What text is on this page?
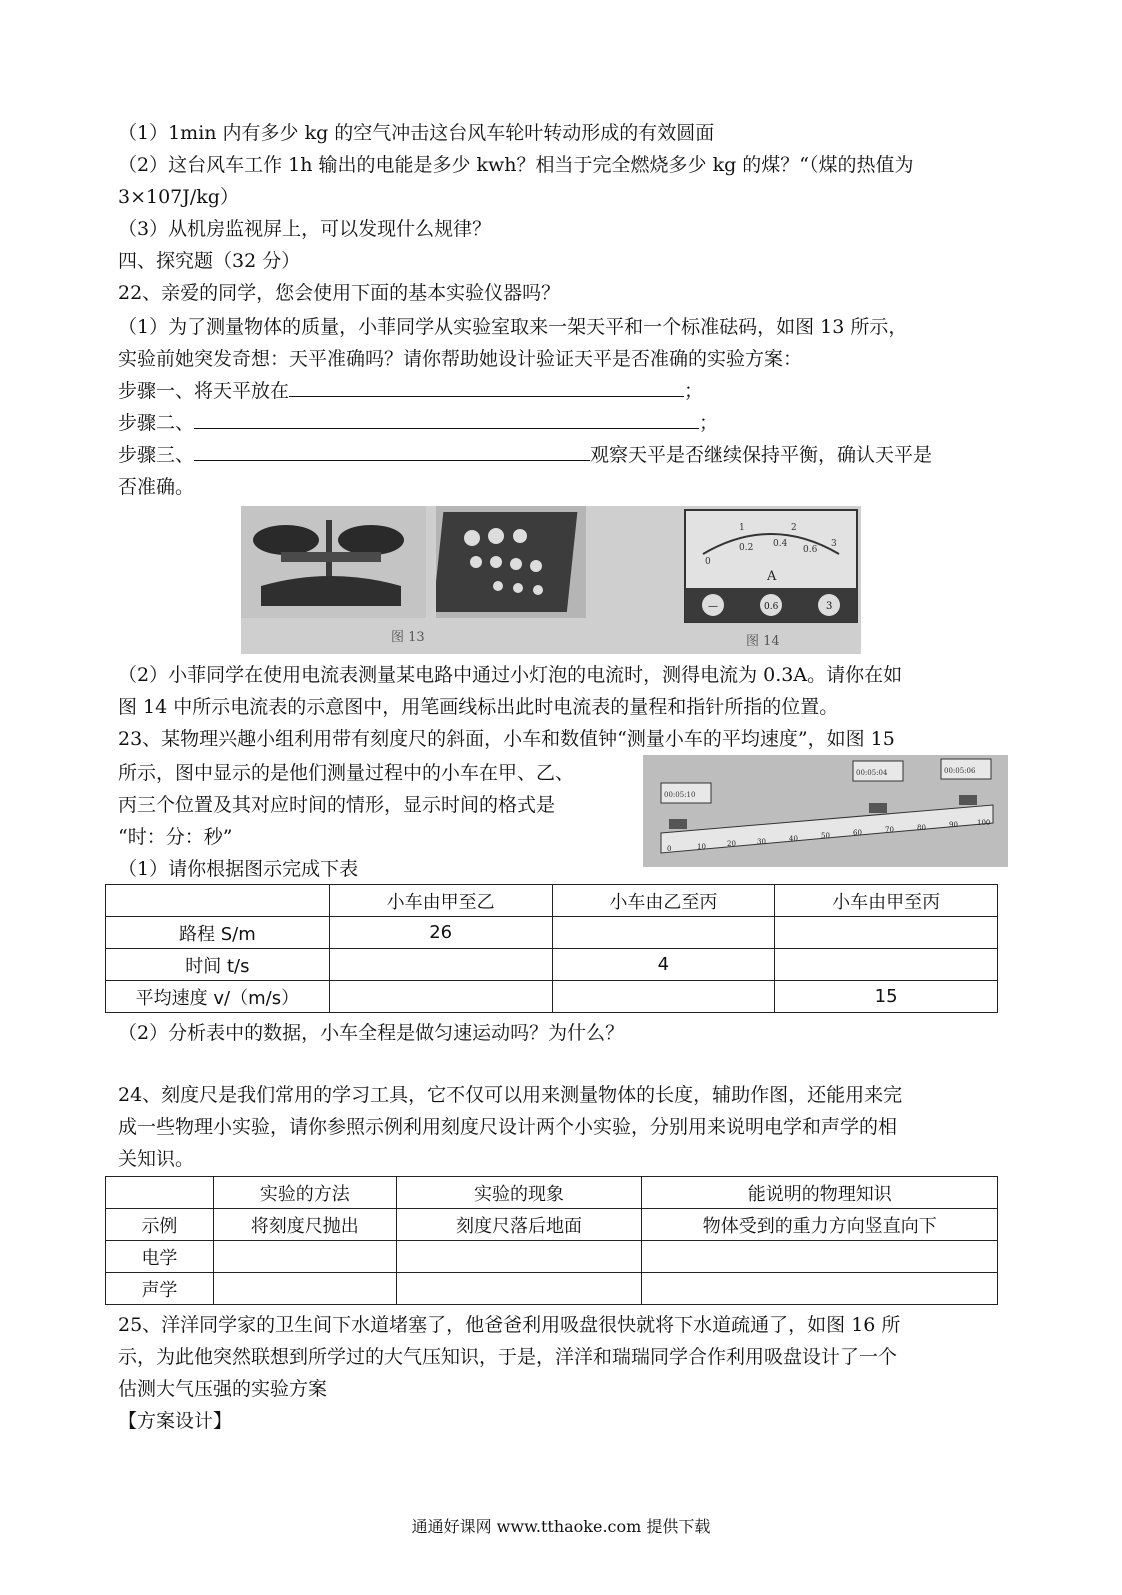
（1）1min 内有多少 kg 的空气冲击这台风车轮叶转动形成的有效圆面
（2）这台风车工作 1h 输出的电能是多少 kwh？相当于完全燃烧多少 kg 的煤？“（煤的热值为
3×107J/kg）
（3）从机房监视屏上，可以发现什么规律？
四、探究题（32 分）
22、亲爱的同学，您会使用下面的基本实验仪器吗？
（1）为了测量物体的质量，小菲同学从实验室取来一架天平和一个标准砝码，如图 13 所示，
实验前她突发奇想：天平准确吗？请你帮助她设计验证天平是否准确的实验方案：
步骤一、将天平放在	；
步骤二、	；
步骤三、	观察天平是否继续保持平衡，确认天平是
否准确。
1	2
3
0
0.2 0.4
0.6
A
—	0.6	3
图 13	图 14
（2）小菲同学在使用电流表测量某电路中通过小灯泡的电流时，测得电流为 0.3A。请你在如
图 14 中所示电流表的示意图中，用笔画线标出此时电流表的量程和指针所指的位置。
23、某物理兴趣小组利用带有刻度尺的斜面，小车和数值钟“测量小车的平均速度”，如图 15
所示，图中显示的是他们测量过程中的小车在甲、乙、
丙三个位置及其对应时间的情形，显示时间的格式是
“时：分：秒”
（1）请你根据图示完成下表
00:05:10
00:05:04	00:05:06
0	10	20	30	40	50	60	70	80	90	100
	小车由甲至乙	小车由乙至丙	小车由甲至丙
路程 S/m	26		
时间 t/s		4	
平均速度 v/（m/s）			15
（2）分析表中的数据，小车全程是做匀速运动吗？为什么？
24、刻度尺是我们常用的学习工具，它不仅可以用来测量物体的长度，辅助作图，还能用来完
成一些物理小实验，请你参照示例利用刻度尺设计两个小实验，分别用来说明电学和声学的相
关知识。
	实验的方法	实验的现象	能说明的物理知识
示例	将刻度尺抛出	刻度尺落后地面	物体受到的重力方向竖直向下
电学			
声学			
25、洋洋同学家的卫生间下水道堵塞了，他爸爸利用吸盘很快就将下水道疏通了，如图 16 所
示，为此他突然联想到所学过的大气压知识，于是，洋洋和瑞瑞同学合作利用吸盘设计了一个
估测大气压强的实验方案
【方案设计】
通通好课网 www.tthaoke.com 提供下载
